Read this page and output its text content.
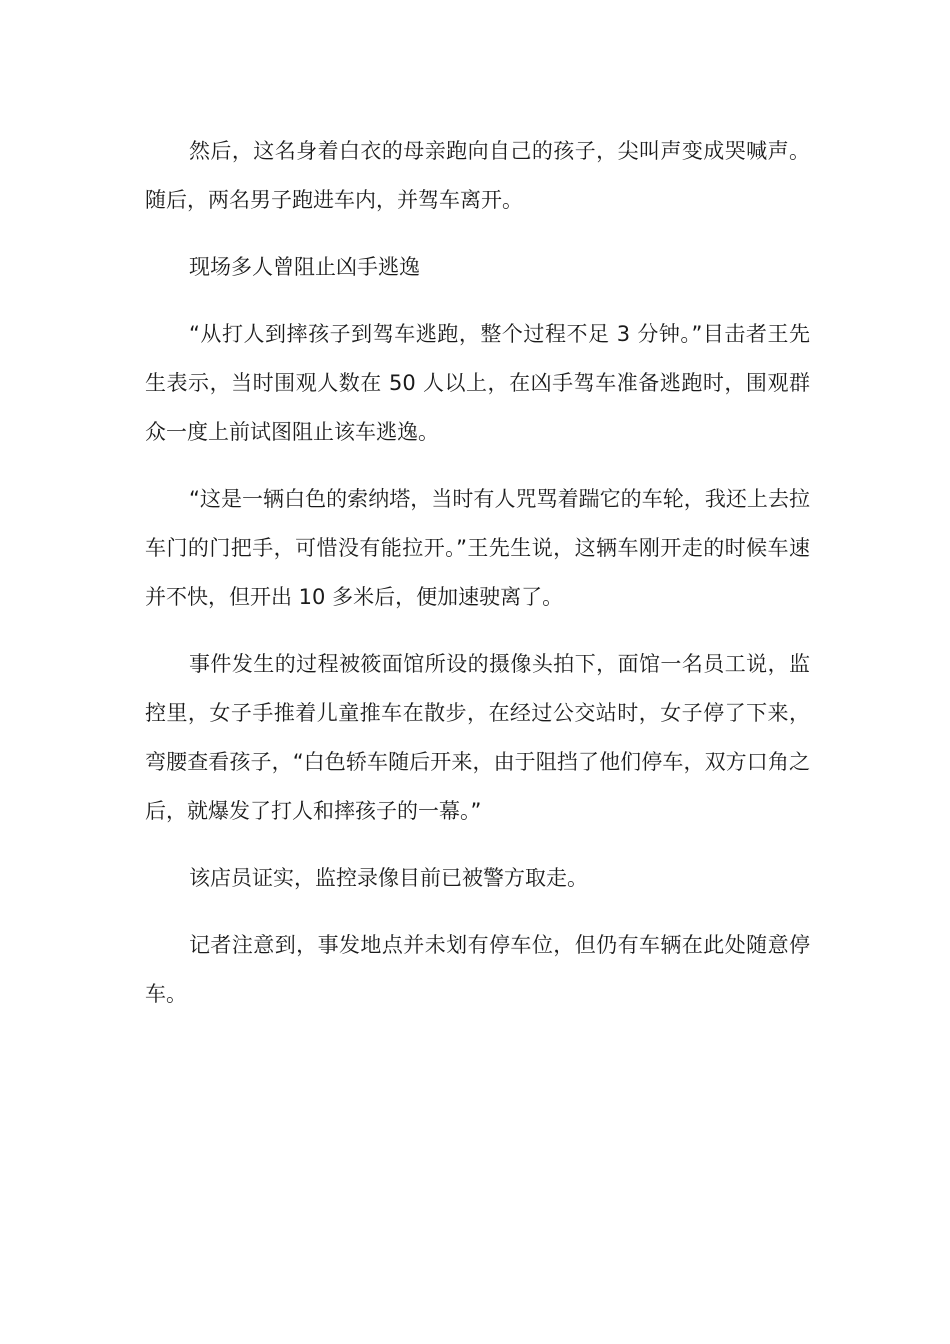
然后，这名身着白衣的母亲跑向自己的孩子，尖叫声变成哭喊声。随后，两名男子跑进车内，并驾车离开。

现场多人曾阻止凶手逃逸

“从打人到摔孩子到驾车逃跑，整个过程不足 3 分钟。”目击者王先生表示，当时围观人数在 50 人以上，在凶手驾车准备逃跑时，围观群众一度上前试图阻止该车逃逸。

“这是一辆白色的索纳塔，当时有人咒骂着踹它的车轮，我还上去拉车门的门把手，可惜没有能拉开。”王先生说，这辆车刚开走的时候车速并不快，但开出 10 多米后，便加速驶离了。

事件发生的过程被筱面馆所设的摄像头拍下，面馆一名员工说，监控里，女子手推着儿童推车在散步，在经过公交站时，女子停了下来，弯腰查看孩子，“白色轿车随后开来，由于阻挡了他们停车，双方口角之后，就爆发了打人和摔孩子的一幕。”

该店员证实，监控录像目前已被警方取走。

记者注意到，事发地点并未划有停车位，但仍有车辆在此处随意停车。
